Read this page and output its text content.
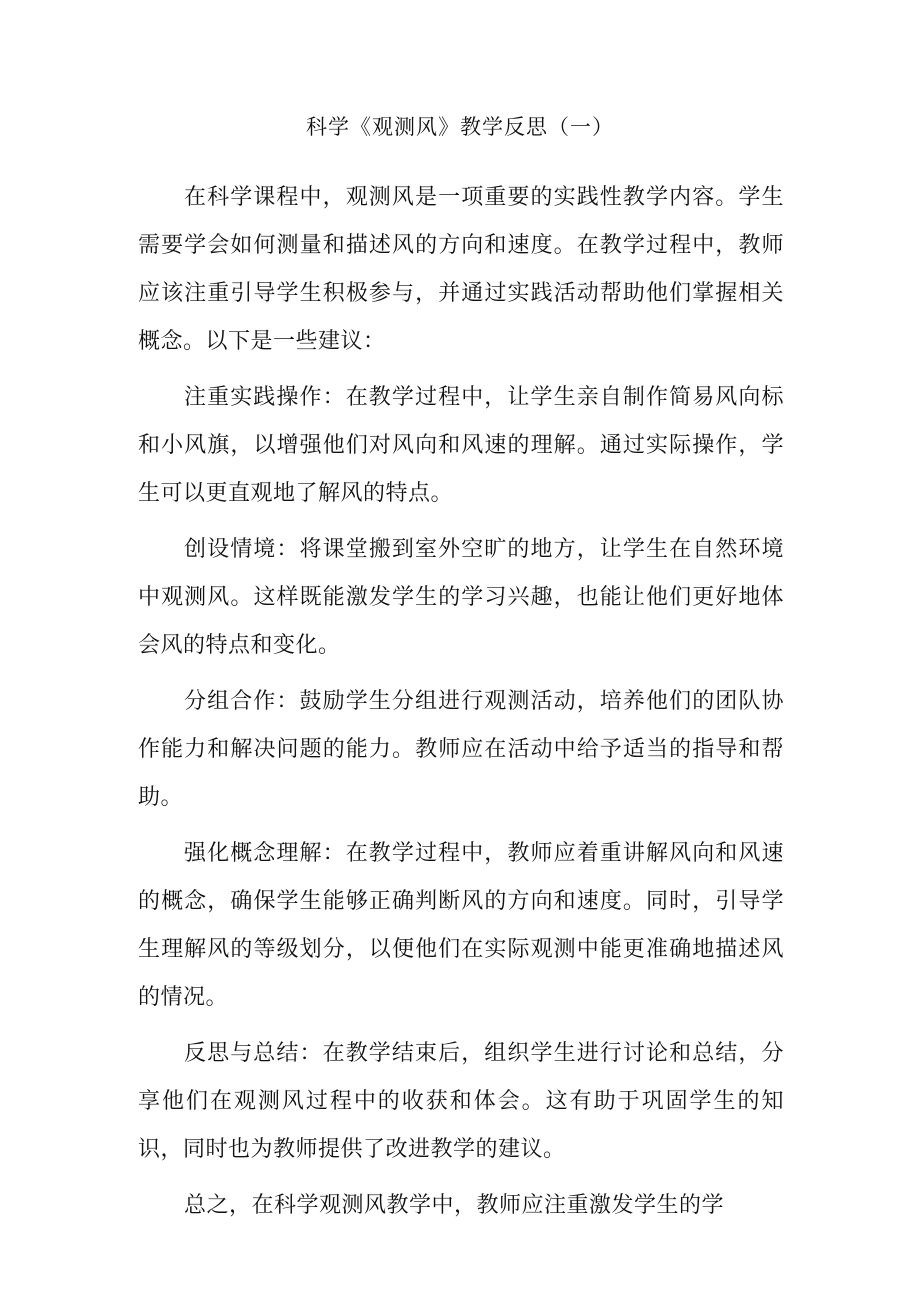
科学《观测风》教学反思（一）

在科学课程中，观测风是一项重要的实践性教学内容。学生需要学会如何测量和描述风的方向和速度。在教学过程中，教师应该注重引导学生积极参与，并通过实践活动帮助他们掌握相关概念。以下是一些建议：

注重实践操作：在教学过程中，让学生亲自制作简易风向标和小风旗，以增强他们对风向和风速的理解。通过实际操作，学生可以更直观地了解风的特点。

创设情境：将课堂搬到室外空旷的地方，让学生在自然环境中观测风。这样既能激发学生的学习兴趣，也能让他们更好地体会风的特点和变化。

分组合作：鼓励学生分组进行观测活动，培养他们的团队协作能力和解决问题的能力。教师应在活动中给予适当的指导和帮助。

强化概念理解：在教学过程中，教师应着重讲解风向和风速的概念，确保学生能够正确判断风的方向和速度。同时，引导学生理解风的等级划分，以便他们在实际观测中能更准确地描述风的情况。

反思与总结：在教学结束后，组织学生进行讨论和总结，分享他们在观测风过程中的收获和体会。这有助于巩固学生的知识，同时也为教师提供了改进教学的建议。

总之，在科学观测风教学中，教师应注重激发学生的学
